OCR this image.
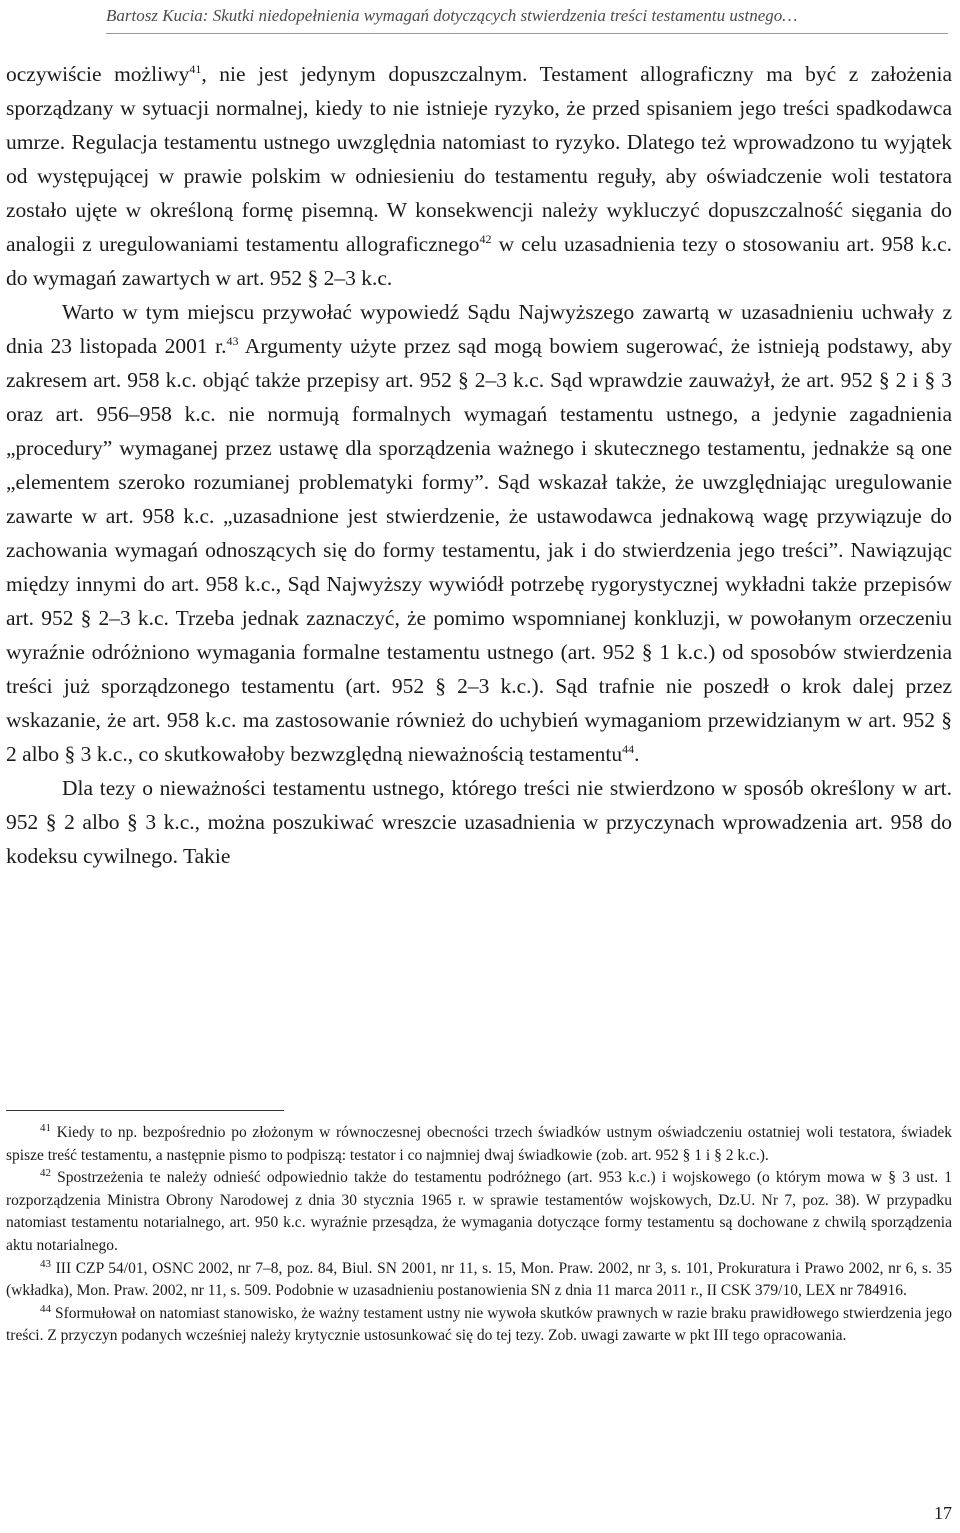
Bartosz Kucia: Skutki niedopełnienia wymagań dotyczących stwierdzenia treści testamentu ustnego…

oczywiście możliwy$^{41}$, nie jest jedynym dopuszczalnym. Testament allograficzny ma być z założenia sporządzany w sytuacji normalnej, kiedy to nie istnieje ryzyko, że przed spisaniem jego treści spadkodawca umrze. Regulacja testamentu ustnego uwzględnia natomiast to ryzyko. Dlatego też wprowadzono tu wyjątek od występującej w prawie polskim w odniesieniu do testamentu reguły, aby oświadczenie woli testatora zostało ujęte w określoną formę pisemną. W konsekwencji należy wykluczyć dopuszczalność sięgania do analogii z uregulowaniami testamentu allograficznego$^{42}$ w celu uzasadnienia tezy o stosowaniu art. 958 k.c. do wymagań zawartych w art. 952 § 2–3 k.c.

Warto w tym miejscu przywołać wypowiedź Sądu Najwyższego zawartą w uzasadnieniu uchwały z dnia 23 listopada 2001 r.$^{43}$ Argumenty użyte przez sąd mogą bowiem sugerować, że istnieją podstawy, aby zakresem art. 958 k.c. objąć także przepisy art. 952 § 2–3 k.c. Sąd wprawdzie zauważył, że art. 952 § 2 i § 3 oraz art. 956–958 k.c. nie normują formalnych wymagań testamentu ustnego, a jedynie zagadnienia „procedury” wymaganej przez ustawę dla sporządzenia ważnego i skutecznego testamentu, jednakże są one „elementem szeroko rozumianej problematyki formy”. Sąd wskazał także, że uwzględniając uregulowanie zawarte w art. 958 k.c. „uzasadnione jest stwierdzenie, że ustawodawca jednakową wagę przywiązuje do zachowania wymagań odnoszących się do formy testamentu, jak i do stwierdzenia jego treści”. Nawiązując między innymi do art. 958 k.c., Sąd Najwyższy wywiódł potrzebę rygorystycznej wykładni także przepisów art. 952 § 2–3 k.c. Trzeba jednak zaznaczyć, że pomimo wspomnianej konkluzji, w powołanym orzeczeniu wyraźnie odróżniono wymagania formalne testamentu ustnego (art. 952 § 1 k.c.) od sposobów stwierdzenia treści już sporządzonego testamentu (art. 952 § 2–3 k.c.). Sąd trafnie nie poszedł o krok dalej przez wskazanie, że art. 958 k.c. ma zastosowanie również do uchybień wymaganiom przewidzianym w art. 952 § 2 albo § 3 k.c., co skutkowałoby bezwzględną nieważnością testamentu$^{44}$.

Dla tezy o nieważności testamentu ustnego, którego treści nie stwierdzono w sposób określony w art. 952 § 2 albo § 3 k.c., można poszukiwać wreszcie uzasadnienia w przyczynach wprowadzenia art. 958 do kodeksu cywilnego. Takie

$^{41}$ Kiedy to np. bezpośrednio po złożonym w równoczesnej obecności trzech świadków ustnym oświadczeniu ostatniej woli testatora, świadek spisze treść testamentu, a następnie pismo to podpiszą: testator i co najmniej dwaj świadkowie (zob. art. 952 § 1 i § 2 k.c.).

$^{42}$ Spostrzeżenia te należy odnieść odpowiednio także do testamentu podróżnego (art. 953 k.c.) i wojskowego (o którym mowa w § 3 ust. 1 rozporządzenia Ministra Obrony Narodowej z dnia 30 stycznia 1965 r. w sprawie testamentów wojskowych, Dz.U. Nr 7, poz. 38). W przypadku natomiast testamentu notarialnego, art. 950 k.c. wyraźnie przesądza, że wymagania dotyczące formy testamentu są dochowane z chwilą sporządzenia aktu notarialnego.

$^{43}$ III CZP 54/01, OSNC 2002, nr 7–8, poz. 84, Biul. SN 2001, nr 11, s. 15, Mon. Praw. 2002, nr 3, s. 101, Prokuratura i Prawo 2002, nr 6, s. 35 (wkładka), Mon. Praw. 2002, nr 11, s. 509. Podobnie w uzasadnieniu postanowienia SN z dnia 11 marca 2011 r., II CSK 379/10, LEX nr 784916.

$^{44}$ Sformułował on natomiast stanowisko, że ważny testament ustny nie wywoła skutków prawnych w razie braku prawidłowego stwierdzenia jego treści. Z przyczyn podanych wcześniej należy krytycznie ustosunkować się do tej tezy. Zob. uwagi zawarte w pkt III tego opracowania.

17
